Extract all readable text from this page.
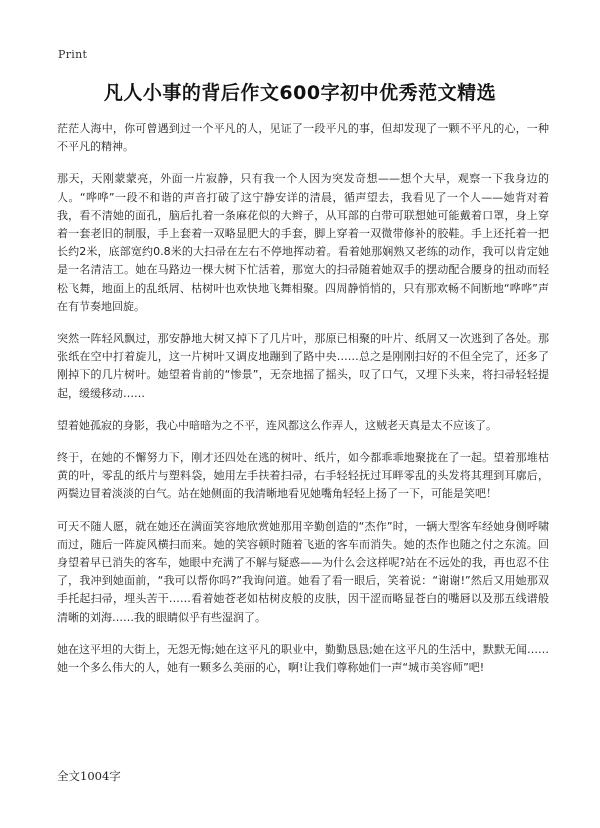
Print
凡人小事的背后作文600字初中优秀范文精选

茫茫人海中，你可曾遇到过一个平凡的人，见证了一段平凡的事，但却发现了一颗不平凡的心，一种不平凡的精神。

那天，天刚蒙蒙亮，外面一片寂静，只有我一个人因为突发奇想——想个大早，观察一下我身边的人。“哗哗”一段不和谐的声音打破了这宁静安详的清晨，循声望去，我看见了一个人——她背对着我，看不清她的面孔，脑后扎着一条麻花似的大辫子，从耳部的白带可联想她可能戴着口罩，身上穿着一套老旧的制服，手上套着一双略显肥大的手套，脚上穿着一双微带修补的胶鞋。手上还托着一把长约2米，底部宽约0.8米的大扫帚在左右不停地挥动着。看着她那娴熟又老练的动作，我可以肯定她是一名清洁工。她在马路边一棵大树下忙活着，那宽大的扫帚随着她双手的摆动配合腰身的扭动而轻松飞舞，地面上的乱纸屑、枯树叶也欢快地飞舞相聚。四周静悄悄的，只有那欢畅不间断地“哗哗”声在有节奏地回旋。

突然一阵轻风飘过，那安静地大树又掉下了几片叶，那原已相聚的叶片、纸屑又一次逃到了各处。那张纸在空中打着旋儿，这一片树叶又调皮地蹦到了路中央……总之是刚刚扫好的不但全完了，还多了刚掉下的几片树叶。她望着肯前的“惨景”，无奈地摇了摇头，叹了口气，又埋下头来，将扫帚轻轻提起，缓缓移动……

望着她孤寂的身影，我心中暗暗为之不平，连风都这么作弄人，这贼老天真是太不应该了。

终于，在她的不懈努力下，刚才还四处在逃的树叶、纸片，如今都乖乖地聚拢在了一起。望着那堆枯黄的叶，零乱的纸片与塑料袋，她用左手扶着扫帚，右手轻轻抚过耳畔零乱的头发将其理到耳廓后，两鬓边冒着淡淡的白气。站在她侧面的我清晰地看见她嘴角轻轻上扬了一下，可能是笑吧！

可天不随人愿，就在她还在满面笑容地欣赏她那用辛勤创造的“杰作”时，一辆大型客车经她身侧呼啸而过，随后一阵旋风横扫而来。她的笑容顿时随着飞逝的客车而消失。她的杰作也随之付之东流。回身望着早已消失的客车，她眼中充满了不解与疑惑——为什么会这样呢?站在不远处的我，再也忍不住了，我冲到她面前，“我可以帮你吗?”我询问道。她看了看一眼后，笑着说：“谢谢!”然后又用她那双手托起扫帚，埋头苦干……看着她苍老如枯树皮般的皮肤，因干涩而略显苍白的嘴唇以及那五线谱般清晰的刘海……我的眼睛似乎有些湿润了。

她在这平坦的大街上，无怨无悔;她在这平凡的职业中，勤勤恳恳;她在这平凡的生活中，默默无闻……她一个多么伟大的人，她有一颗多么美丽的心，啊!让我们尊称她们一声“城市美容师”吧!

全文1004字
